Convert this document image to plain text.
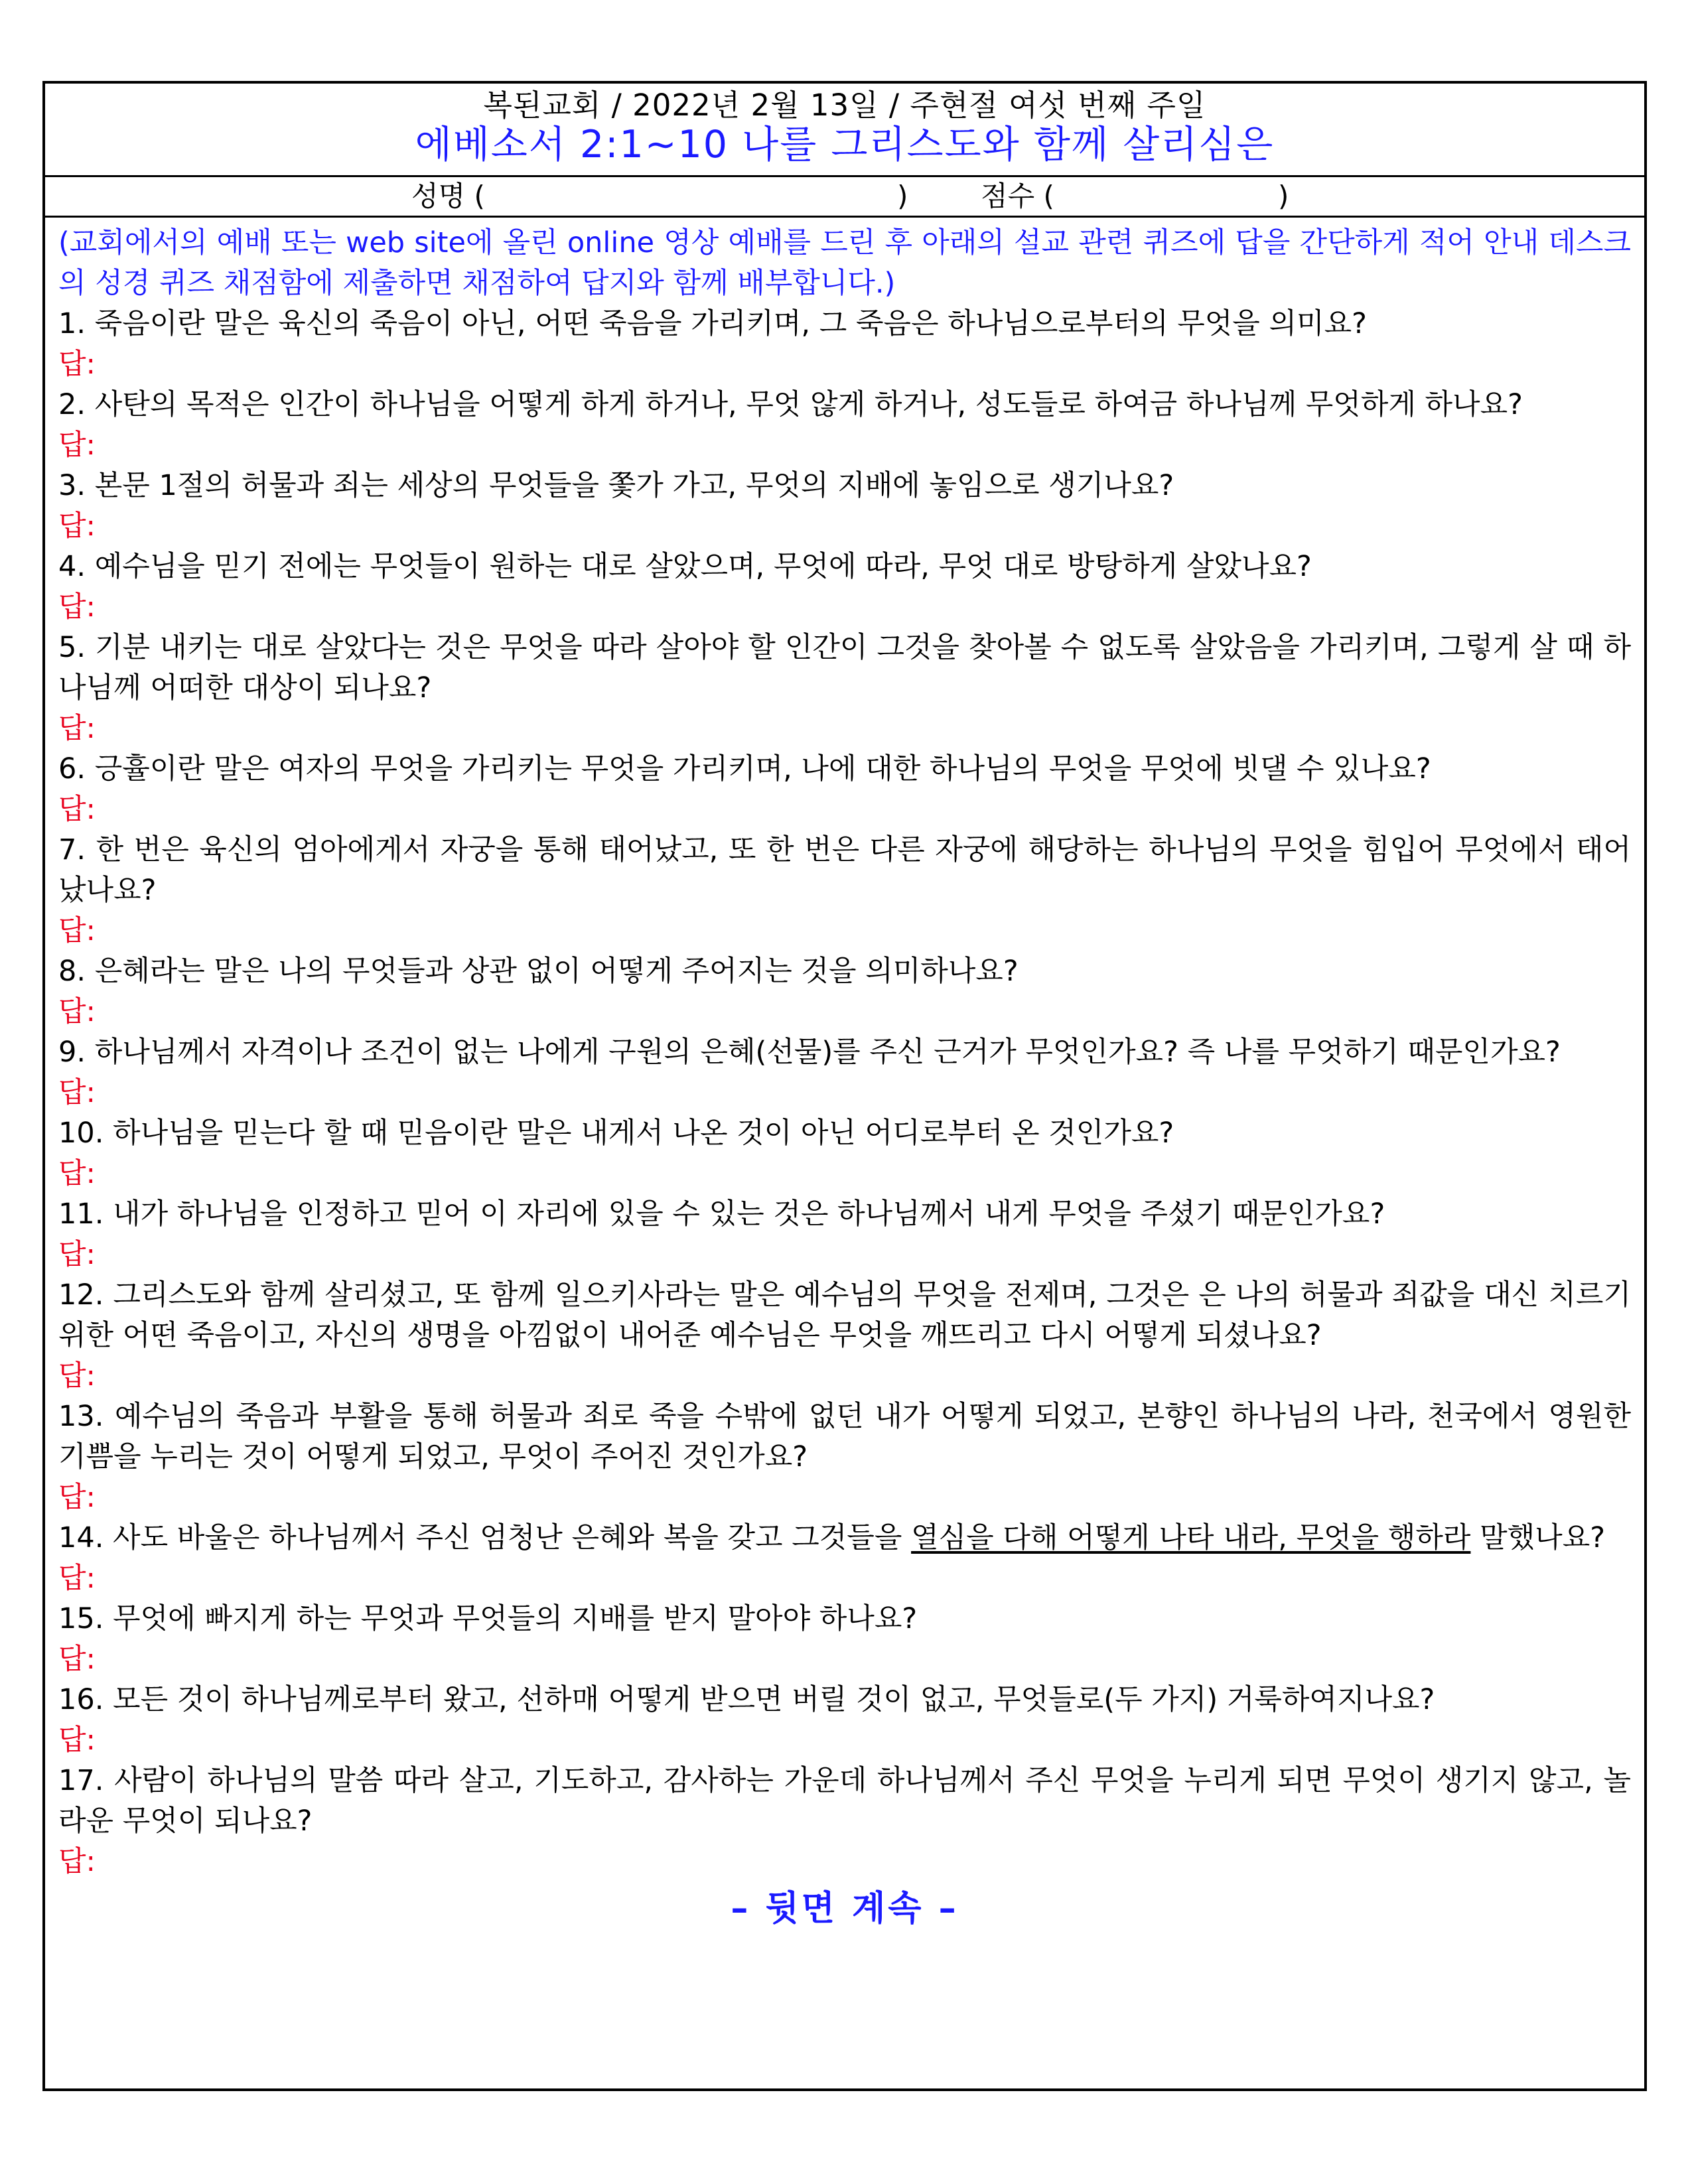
복된교회 / 2022년 2월 13일 / 주현절 여섯 번째 주일
에베소서 2:1∼10 나를 그리스도와 함께 살리심은
성명 (	)	점수 (	)

(교회에서의 예배 또는 web site에 올린 online 영상 예배를 드린 후 아래의 설교 관련 퀴즈에 답을 간단하게 적어 안내 데스크의 성경 퀴즈 채점함에 제출하면 채점하여 답지와 함께 배부합니다.)

1. 죽음이란 말은 육신의 죽음이 아닌, 어떤 죽음을 가리키며, 그 죽음은 하나님으로부터의 무엇을 의미요?

답:

2. 사탄의 목적은 인간이 하나님을 어떻게 하게 하거나, 무엇 않게 하거나, 성도들로 하여금 하나님께 무엇하게 하나요?

답:

3. 본문 1절의 허물과 죄는 세상의 무엇들을 쫓가 가고, 무엇의 지배에 놓임으로 생기나요?

답:

4. 예수님을 믿기 전에는 무엇들이 원하는 대로 살았으며, 무엇에 따라, 무엇 대로 방탕하게 살았나요?

답:

5. 기분 내키는 대로 살았다는 것은 무엇을 따라 살아야 할 인간이 그것을 찾아볼 수 없도록 살았음을 가리키며, 그렇게 살 때 하나님께 어떠한 대상이 되나요?

답:

6. 긍휼이란 말은 여자의 무엇을 가리키는 무엇을 가리키며, 나에 대한 하나님의 무엇을 무엇에 빗댈 수 있나요?

답:

7. 한 번은 육신의 엄아에게서 자궁을 통해 태어났고, 또 한 번은 다른 자궁에 해당하는 하나님의 무엇을 힘입어 무엇에서 태어났나요?

답:

8. 은혜라는 말은 나의 무엇들과 상관 없이 어떻게 주어지는 것을 의미하나요?

답:

9. 하나님께서 자격이나 조건이 없는 나에게 구원의 은혜(선물)를 주신 근거가 무엇인가요? 즉 나를 무엇하기 때문인가요?

답:

10. 하나님을 믿는다 할 때 믿음이란 말은 내게서 나온 것이 아닌 어디로부터 온 것인가요?

답:

11. 내가 하나님을 인정하고 믿어 이 자리에 있을 수 있는 것은 하나님께서 내게 무엇을 주셨기 때문인가요?

답:

12. 그리스도와 함께 살리셨고, 또 함께 일으키사라는 말은 예수님의 무엇을 전제며, 그것은 은 나의 허물과 죄값을 대신 치르기 위한 어떤 죽음이고, 자신의 생명을 아낌없이 내어준 예수님은 무엇을 깨뜨리고 다시 어떻게 되셨나요?

답:

13. 예수님의 죽음과 부활을 통해 허물과 죄로 죽을 수밖에 없던 내가 어떻게 되었고, 본향인 하나님의 나라, 천국에서 영원한 기쁨을 누리는 것이 어떻게 되었고, 무엇이 주어진 것인가요?

답:

14. 사도 바울은 하나님께서 주신 엄청난 은혜와 복을 갖고 그것들을 열심을 다해 어떻게 나타 내라, 무엇을 행하라 말했나요?

답:

15. 무엇에 빠지게 하는 무엇과 무엇들의 지배를 받지 말아야 하나요?

답:

16. 모든 것이 하나님께로부터 왔고, 선하매 어떻게 받으면 버릴 것이 없고, 무엇들로(두 가지) 거룩하여지나요?

답:

17. 사람이 하나님의 말씀 따라 살고, 기도하고, 감사하는 가운데 하나님께서 주신 무엇을 누리게 되면 무엇이 생기지 않고, 놀라운 무엇이 되나요?

답:

– 뒷면 계속 –
